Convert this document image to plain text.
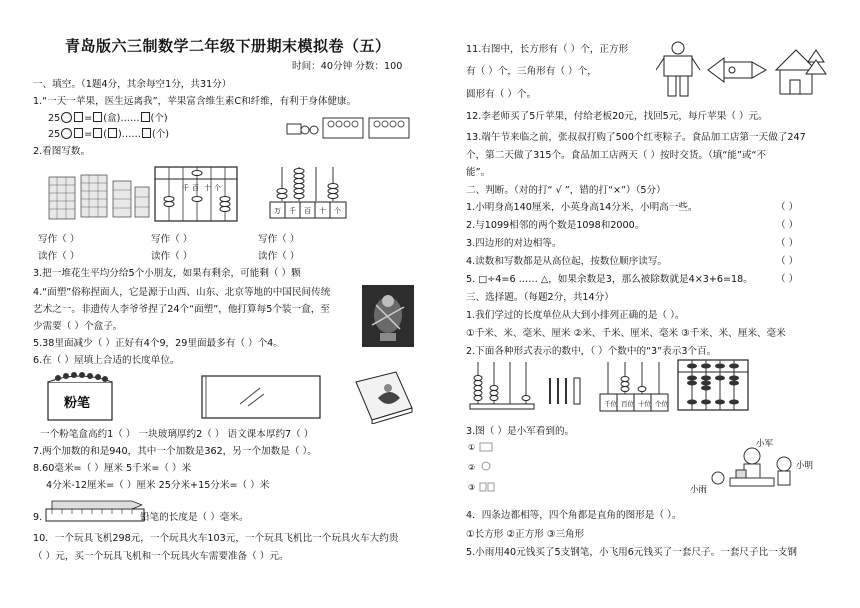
青岛版六三制数学二年级下册期末模拟卷（五）
时间：40分钟 分数：100
一、填空。（1题4分，其余每空1分，共31分）
1.“一天一苹果，医生远离我”，苹果富含维生素C和纤维，有利于身体健康。
25	= (盒)…… (个)
25	= ( )…… (个)
2.看图写数。
千 百 十 个
万 千 百 十 个
写作（ ）	写作（ ）	写作（ ）
读作（ ）	读作（ ）	读作（ ）
3.把一堆花生平均分给5个小朋友，如果有剩余，可能剩（ ）颗
4.“面塑”俗称捏面人，它是源于山西、山东、北京等地的中国民间传统
艺术之一。非遗传人李爷爷捏了24个“面塑”，他打算每5个装一盒，至
少需要（ ）个盒子。
5.38里面减少（ ）正好有4个9，29里面最多有（ ）个4。
6.在（ ）屋填上合适的长度单位。
粉笔
一个粉笔盒高约1（ ） 一块玻璃厚约2（ ） 语文课本厚约7（ ）
7.两个加数的和是940，其中一个加数是362，另一个加数是（ ）。
8.60毫米=（ ）厘米 5千米=（ ）米
4分米-12厘米=（ ）厘米 25分米+15分米=（ ）米
9.	铅笔的长度是（ ）毫米。
10．一个玩具飞机298元，一个玩具火车103元，一个玩具飞机比一个玩具火车大约贵
（ ）元，买一个玩具飞机和一个玩具火车需要准备（ ）元。
11.右图中，长方形有（ ）个，正方形
有（ ）个，三角形有（ ）个，
圆形有（ ）个。
12.李老师买了5斤苹果，付给老板20元，找回5元，每斤苹果（ ）元。
13.端午节来临之前，张叔叔打购了500个红枣粽子。食品加工店第一天做了247
个，第二天做了315个。食品加工店两天（ ）按时交货。（填“能”或“不
能”。
二、判断。（对的打“ √ ”，错的打“×”）（5分）
1.小明身高140厘米，小英身高14分米，小明高一些。	（ ）
2.与1099相邻的两个数是1098和2000。	（ ）
3.四边形的对边相等。	（ ）
4.读数和写数都是从高位起，按数位顺序读写。	（ ）
5. □÷4=6 …… △，如果余数是3，那么被除数就是4×3+6=18。 （ ）
三、选择题。（每题2分，共14分）
1.我们学过的长度单位从大到小排列正确的是（ ）。
①千米、米、毫米、厘米 ②米、千米、厘米、毫米 ③千米、米、厘米、毫米
2.下面各种形式表示的数中，（ ）个数中的“3”表示3个百。
千位 百位 十位 个位
3.图（ ）是小军看到的。
①
②
③
小军
小明
小雨
4．四条边都相等，四个角都是直角的图形是（ ）。
①长方形 ②正方形 ③三角形
5.小雨用40元钱买了5支钢笔，小飞用6元钱买了一套尺子。一套尺子比一支钢
